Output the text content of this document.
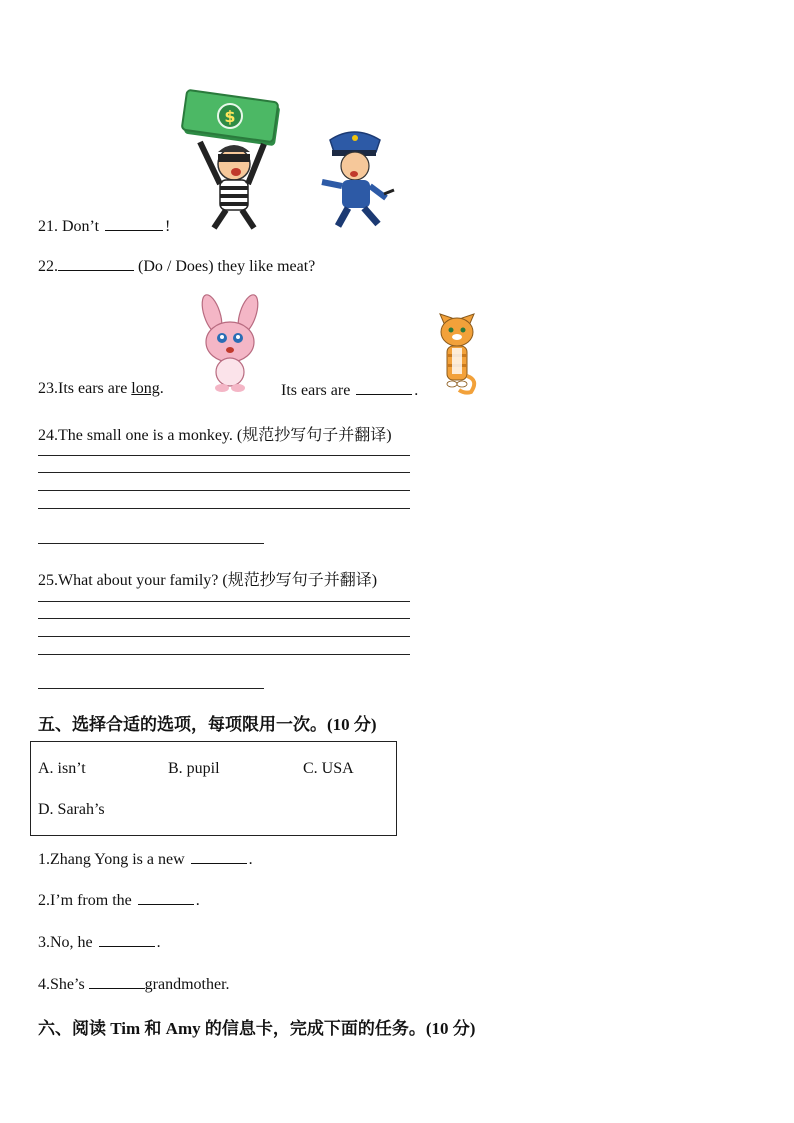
$
21. Don’t	!
22.	(Do / Does) they like meat?
23.Its ears are long.	Its ears are	.
24.The small one is a monkey. (规范抄写句子并翻译)
25.What about your family? (规范抄写句子并翻译)
五、选择合适的选项，每项限用一次。(10 分)
A. isn’t	B. pupil	C. USA
D. Sarah’s
1.Zhang Yong is a new	.
2.I’m from the	.
3.No, he	.
4.She’s	grandmother.
六、阅读 Tim 和 Amy 的信息卡，完成下面的任务。(10 分)
